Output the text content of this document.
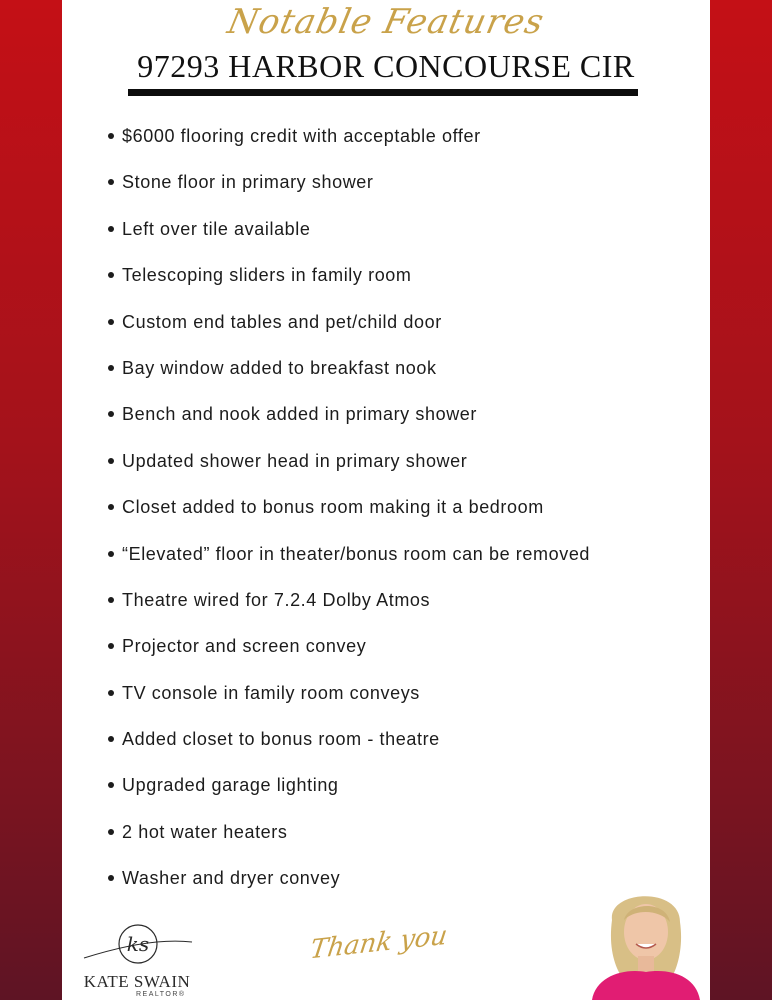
Notable Features
97293 HARBOR CONCOURSE CIR
$6000 flooring credit with acceptable offer
Stone floor in primary shower
Left over tile available
Telescoping sliders in family room
Custom end tables and pet/child door
Bay window added to breakfast nook
Bench and nook added in primary shower
Updated shower head in primary shower
Closet added to bonus room making it a bedroom
“Elevated” floor in theater/bonus room can be removed
Theatre wired for 7.2.4 Dolby Atmos
Projector and screen convey
TV console in family room conveys
Added closet to bonus room - theatre
Upgraded garage lighting
2 hot water heaters
Washer and dryer convey
ks
KATE SWAIN
REALTOR®
Thank you
